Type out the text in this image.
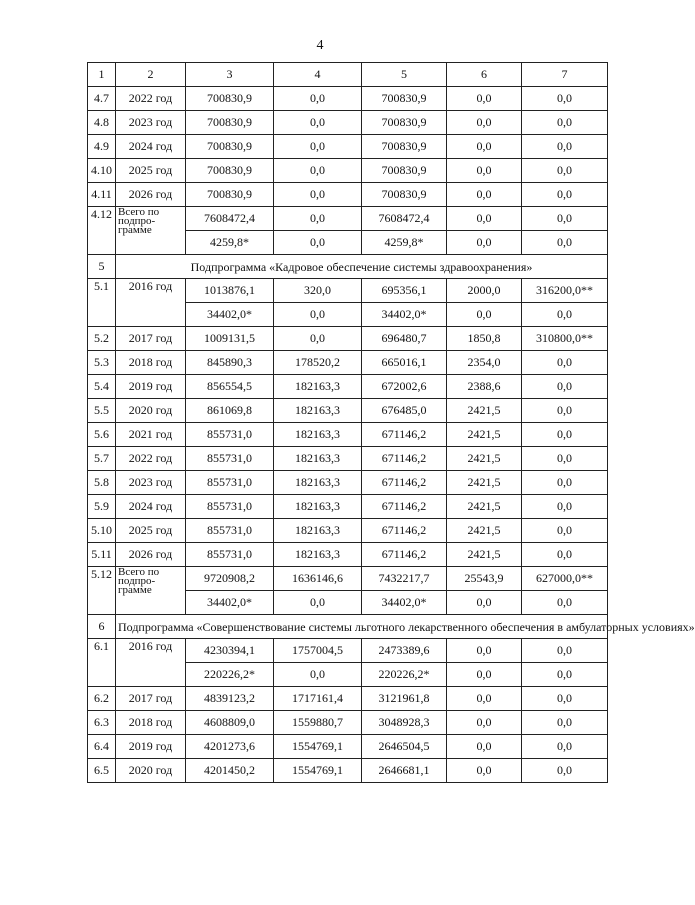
4
1	2	3	4	5	6	7
4.7	2022 год	700830,9	0,0	700830,9	0,0	0,0
4.8	2023 год	700830,9	0,0	700830,9	0,0	0,0
4.9	2024 год	700830,9	0,0	700830,9	0,0	0,0
4.10	2025 год	700830,9	0,0	700830,9	0,0	0,0
4.11	2026 год	700830,9	0,0	700830,9	0,0	0,0
4.12	Всего по подпро-грамме	7608472,4	0,0	7608472,4	0,0	0,0
		4259,8*	0,0	4259,8*	0,0	0,0
5	Подпрограмма «Кадровое обеспечение системы здравоохранения»					
5.1	2016 год	1013876,1	320,0	695356,1	2000,0	316200,0**
		34402,0*	0,0	34402,0*	0,0	0,0
5.2	2017 год	1009131,5	0,0	696480,7	1850,8	310800,0**
5.3	2018 год	845890,3	178520,2	665016,1	2354,0	0,0
5.4	2019 год	856554,5	182163,3	672002,6	2388,6	0,0
5.5	2020 год	861069,8	182163,3	676485,0	2421,5	0,0
5.6	2021 год	855731,0	182163,3	671146,2	2421,5	0,0
5.7	2022 год	855731,0	182163,3	671146,2	2421,5	0,0
5.8	2023 год	855731,0	182163,3	671146,2	2421,5	0,0
5.9	2024 год	855731,0	182163,3	671146,2	2421,5	0,0
5.10	2025 год	855731,0	182163,3	671146,2	2421,5	0,0
5.11	2026 год	855731,0	182163,3	671146,2	2421,5	0,0
5.12	Всего по подпро-грамме	9720908,2	1636146,6	7432217,7	25543,9	627000,0**
		34402,0*	0,0	34402,0*	0,0	0,0
6	Подпрограмма «Совершенствование системы льготного лекарственного обеспечения в амбулаторных условиях»					
6.1	2016 год	4230394,1	1757004,5	2473389,6	0,0	0,0
		220226,2*	0,0	220226,2*	0,0	0,0
6.2	2017 год	4839123,2	1717161,4	3121961,8	0,0	0,0
6.3	2018 год	4608809,0	1559880,7	3048928,3	0,0	0,0
6.4	2019 год	4201273,6	1554769,1	2646504,5	0,0	0,0
6.5	2020 год	4201450,2	1554769,1	2646681,1	0,0	0,0
